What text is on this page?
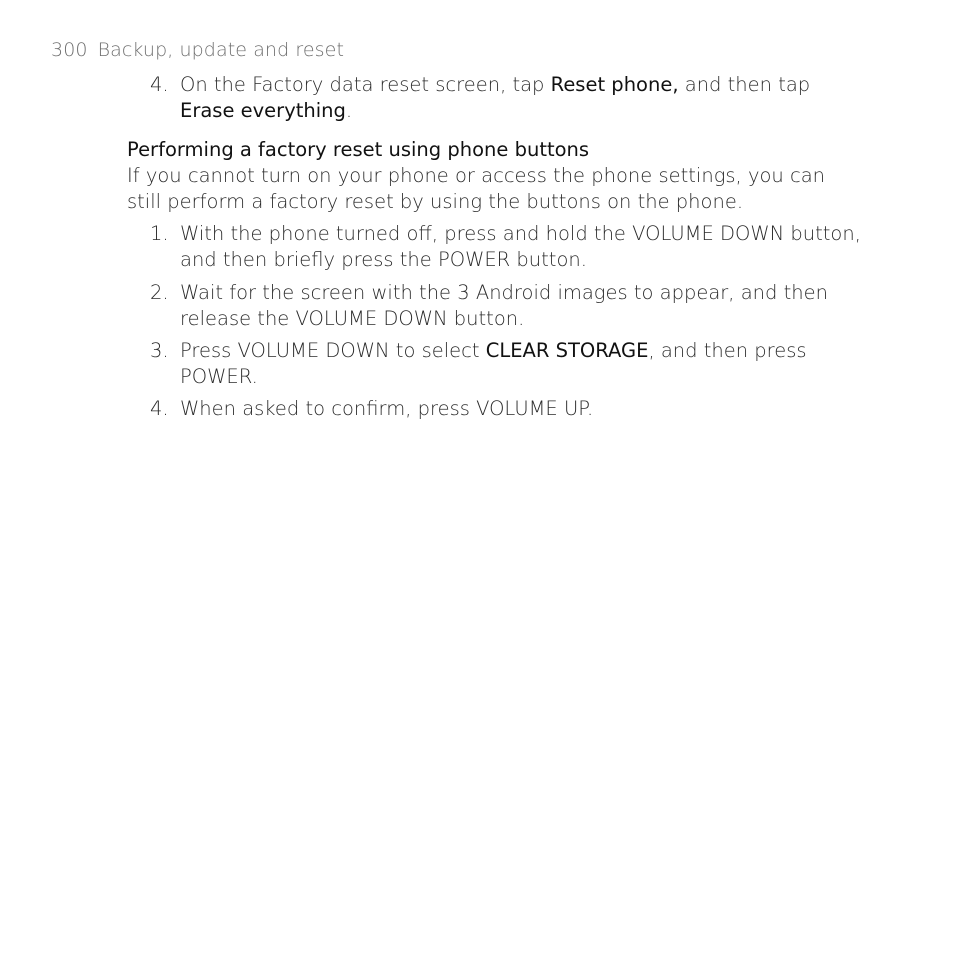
300 Backup, update and reset
4. On the Factory data reset screen, tap Reset phone, and then tap
Erase everything.
Performing a factory reset using phone buttons
If you cannot turn on your phone or access the phone settings, you can still perform a factory reset by using the buttons on the phone.
1. With the phone turned off, press and hold the VOLUME DOWN button, and then briefly press the POWER button.
2. Wait for the screen with the 3 Android images to appear, and then release the VOLUME DOWN button.
3. Press VOLUME DOWN to select CLEAR STORAGE, and then press POWER.
4. When asked to confirm, press VOLUME UP.
